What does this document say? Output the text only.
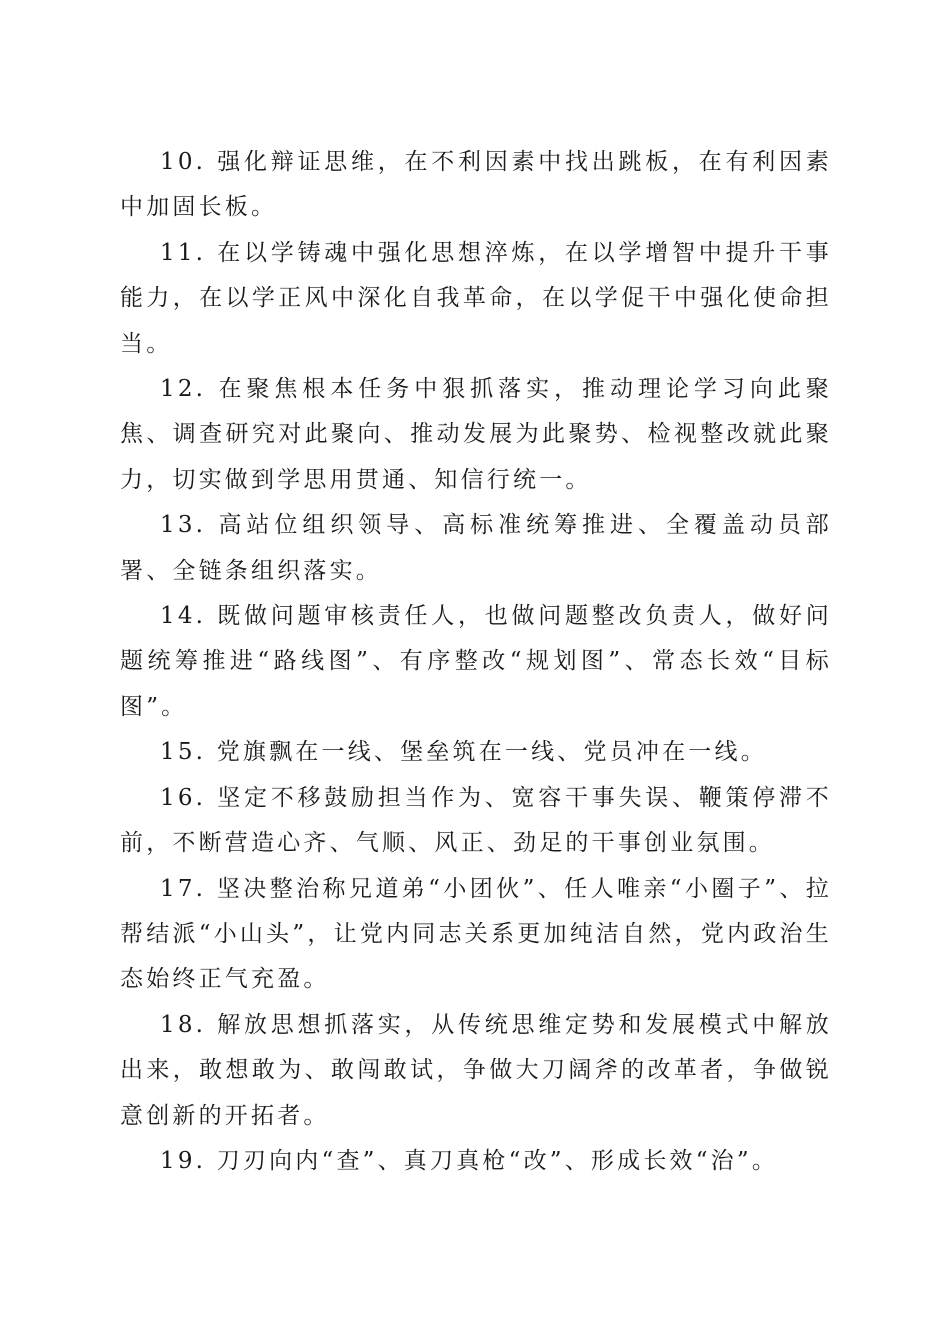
10. 强化辩证思维，在不利因素中找出跳板，在有利因素中加固长板。

11. 在以学铸魂中强化思想淬炼，在以学增智中提升干事能力，在以学正风中深化自我革命，在以学促干中强化使命担当。

12. 在聚焦根本任务中狠抓落实，推动理论学习向此聚焦、调查研究对此聚向、推动发展为此聚势、检视整改就此聚力，切实做到学思用贯通、知信行统一。

13. 高站位组织领导、高标准统筹推进、全覆盖动员部署、全链条组织落实。

14. 既做问题审核责任人，也做问题整改负责人，做好问题统筹推进“路线图”、有序整改“规划图”、常态长效“目标图”。

15. 党旗飘在一线、堡垒筑在一线、党员冲在一线。

16. 坚定不移鼓励担当作为、宽容干事失误、鞭策停滞不前，不断营造心齐、气顺、风正、劲足的干事创业氛围。

17. 坚决整治称兄道弟“小团伙”、任人唯亲“小圈子”、拉帮结派“小山头”，让党内同志关系更加纯洁自然，党内政治生态始终正气充盈。

18. 解放思想抓落实，从传统思维定势和发展模式中解放出来，敢想敢为、敢闯敢试，争做大刀阔斧的改革者，争做锐意创新的开拓者。

19. 刀刃向内“查”、真刀真枪“改”、形成长效“治”。
